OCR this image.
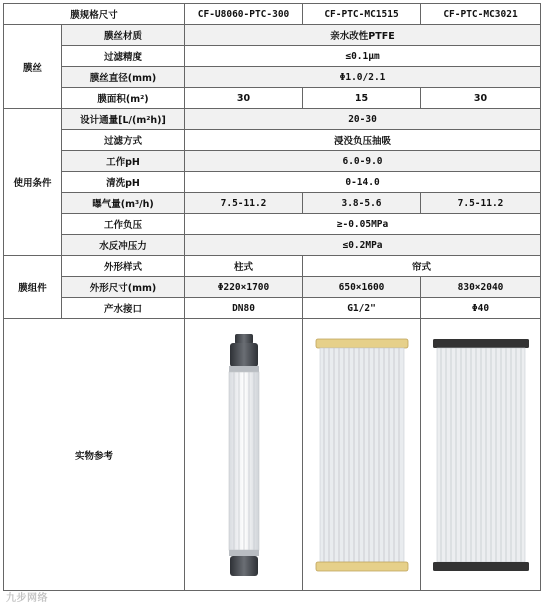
膜规格尺寸		CF-U8060-PTC-300	CF-PTC-MC1515	CF-PTC-MC3021
膜丝	膜丝材质	亲水改性PTFE		
	过滤精度	≤0.1μm		
	膜丝直径(mm)	Φ1.0/2.1		
	膜面积(m²)	30	15	30
使用条件	设计通量[L/(m²h)]	20-30		
	过滤方式	浸没负压抽吸		
	工作pH	6.0-9.0		
	清洗pH	0-14.0		
	曝气量(m³/h)	7.5-11.2	3.8-5.6	7.5-11.2
	工作负压	≥-0.05MPa		
	水反冲压力	≤0.2MPa		
膜组件	外形样式	柱式	帘式	
	外形尺寸(mm)	Φ220×1700	650×1600	830×2040
	产水接口	DN80	G1/2"	Φ40
实物参考	

九步网络
